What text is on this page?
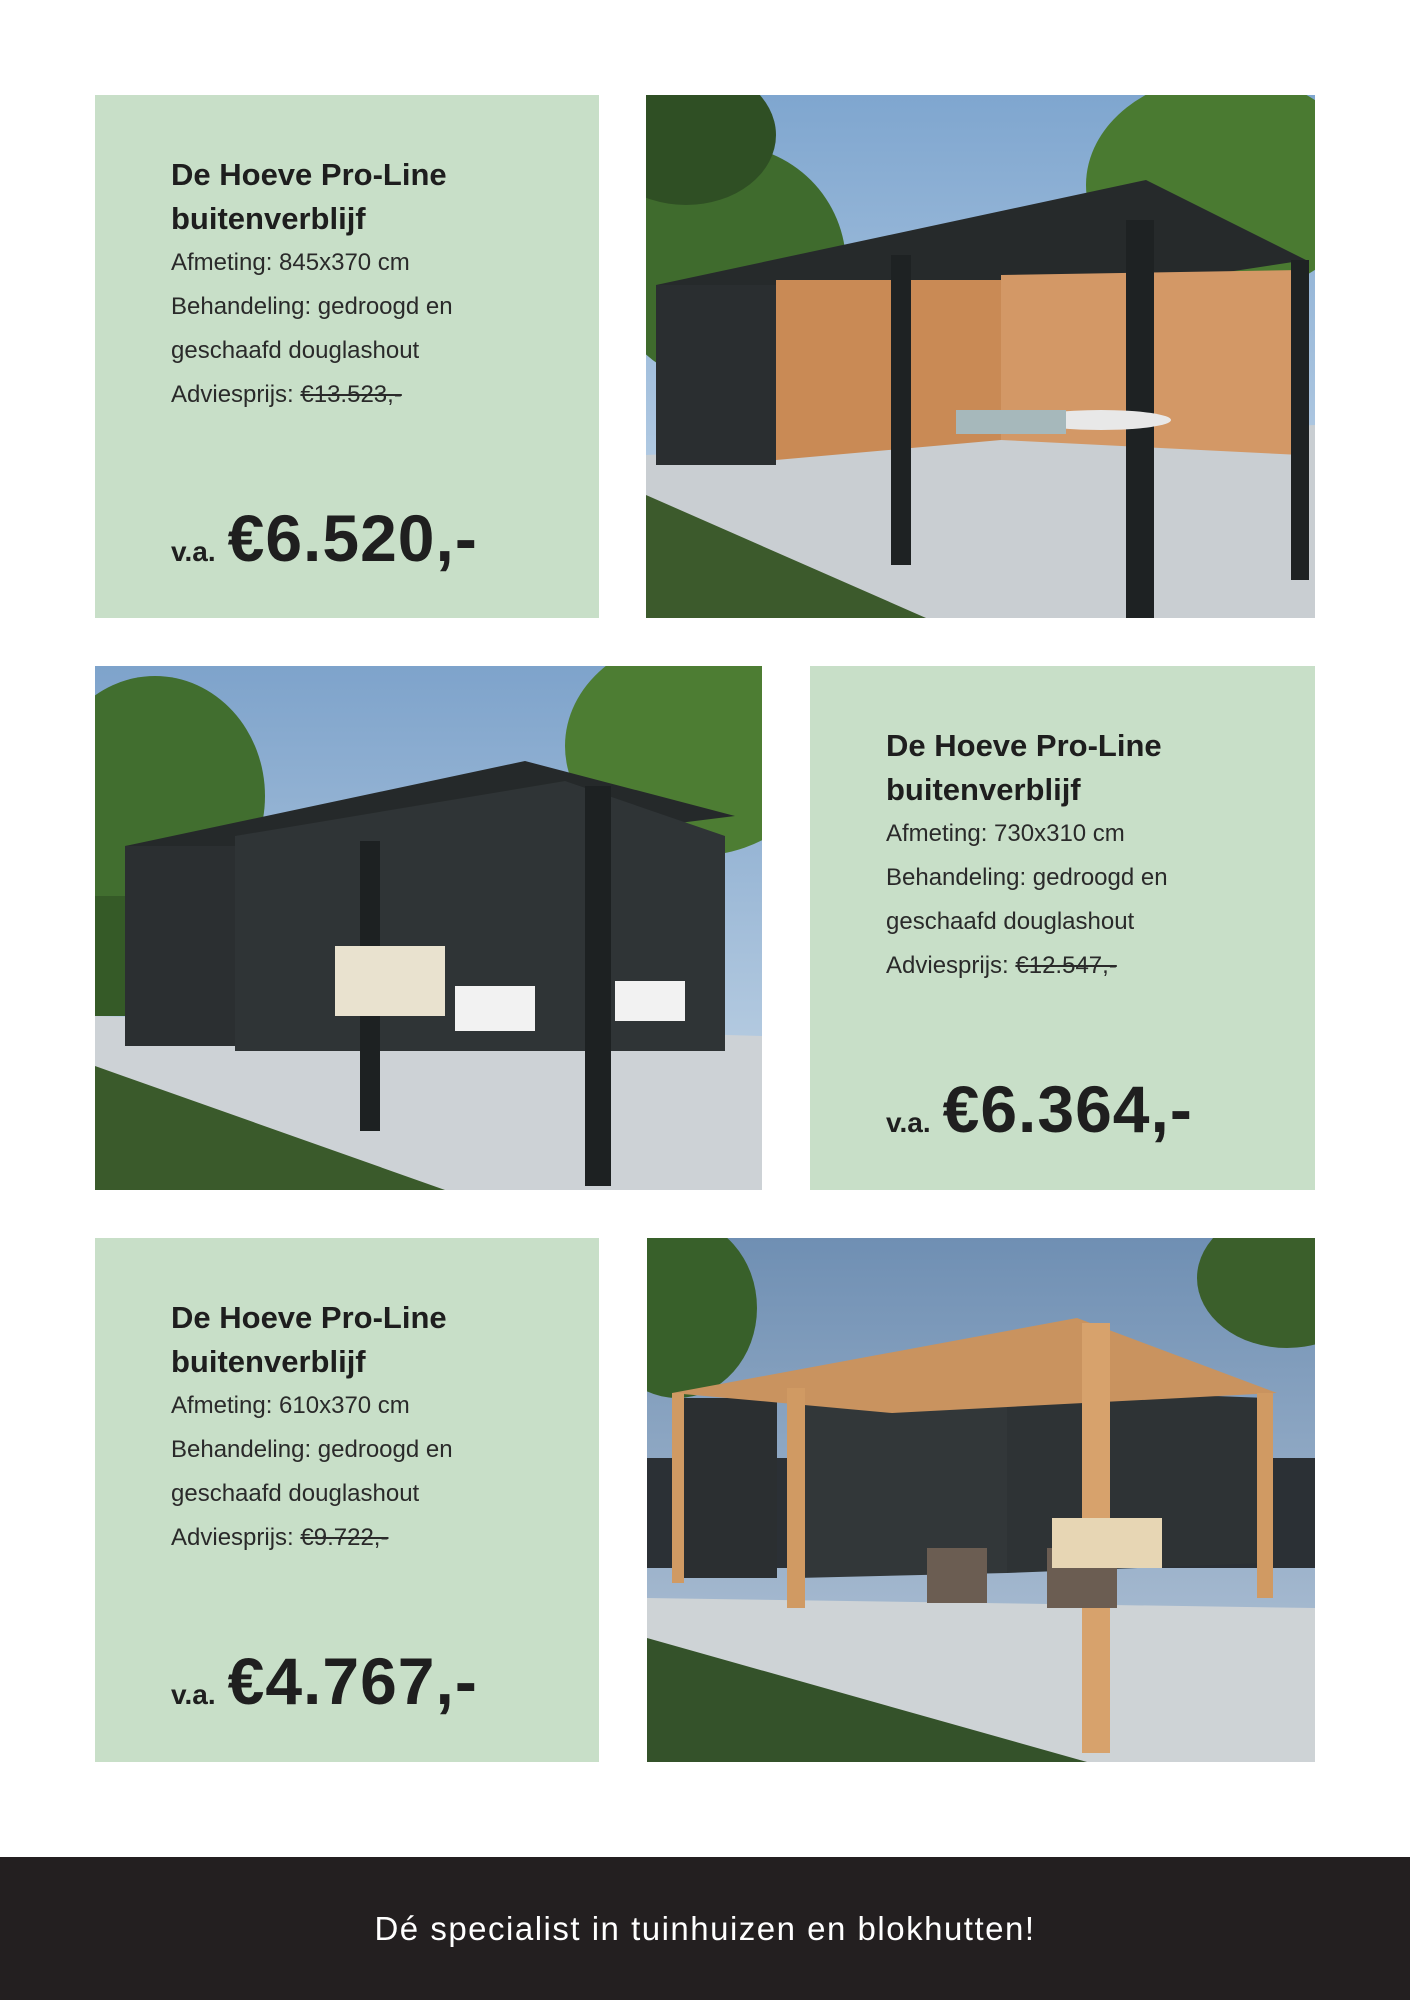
De Hoeve Pro-Line buitenverblijf

Afmeting: 845x370 cm

Behandeling: gedroogd en geschaafd douglashout

Adviesprijs: €13.523,-

v.a. €6.520,-

De Hoeve Pro-Line buitenverblijf

Afmeting: 730x310 cm

Behandeling: gedroogd en geschaafd douglashout

Adviesprijs: €12.547,-

v.a. €6.364,-

De Hoeve Pro-Line buitenverblijf

Afmeting: 610x370 cm

Behandeling: gedroogd en geschaafd douglashout

Adviesprijs: €9.722,-

v.a. €4.767,-
Dé specialist in tuinhuizen en blokhutten!
